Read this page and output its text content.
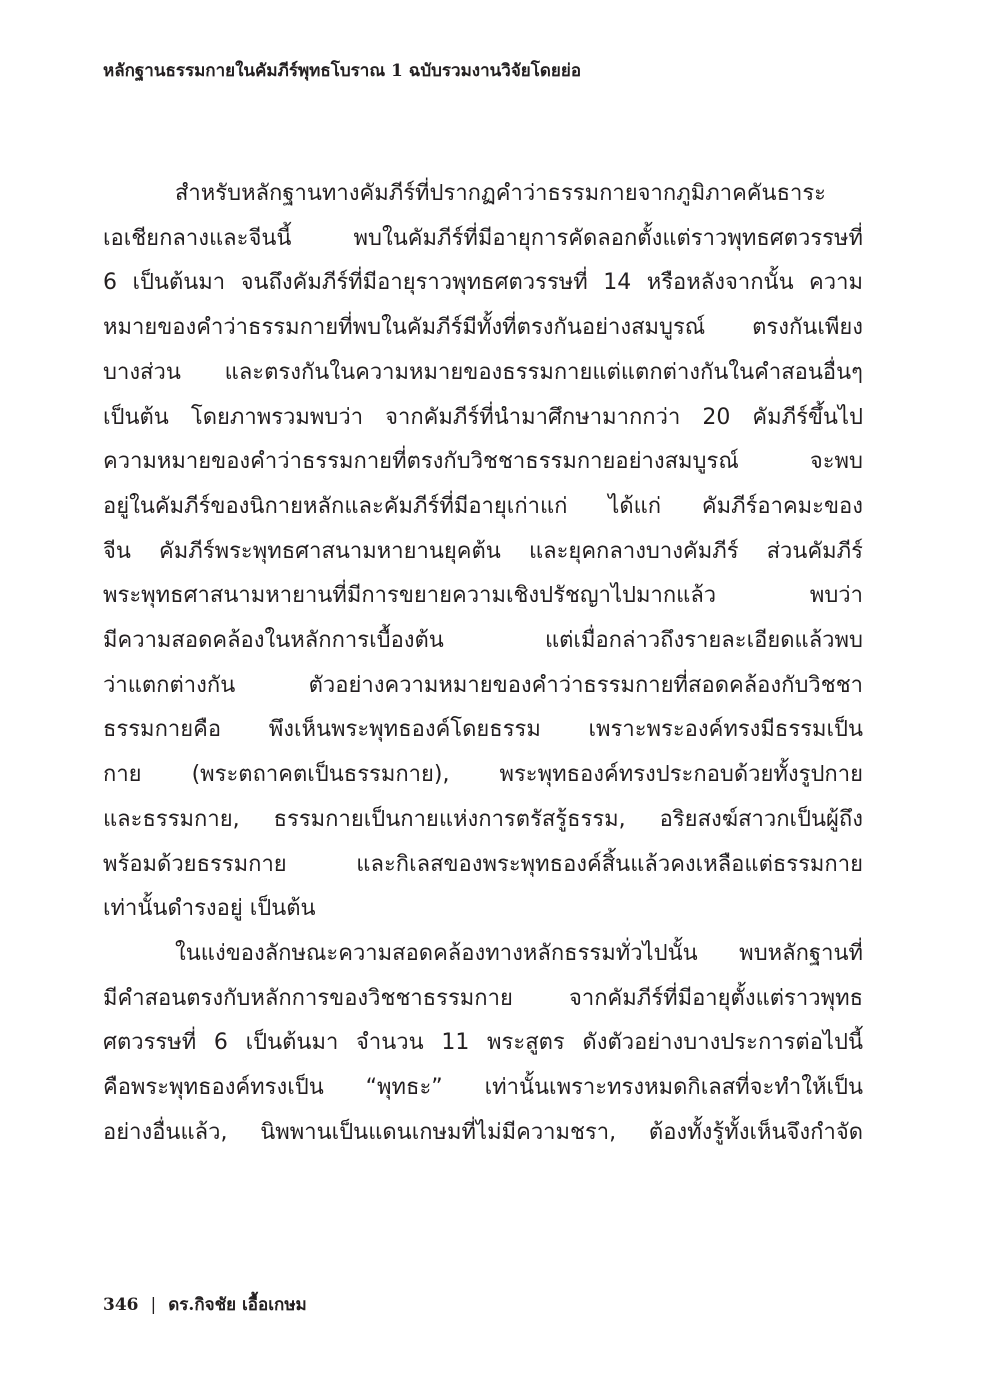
หลักฐานธรรมกายในคัมภีร์พุทธโบราณ 1 ฉบับรวมงานวิจัยโดยย่อ
สำหรับหลักฐานทางคัมภีร์ที่ปรากฏคำว่าธรรมกายจากภูมิภาคคันธาระ
เอเชียกลางและจีนนี้ พบในคัมภีร์ที่มีอายุการคัดลอกตั้งแต่ราวพุทธศตวรรษที่
6 เป็นต้นมา จนถึงคัมภีร์ที่มีอายุราวพุทธศตวรรษที่ 14 หรือหลังจากนั้น ความ
หมายของคำว่าธรรมกายที่พบในคัมภีร์มีทั้งที่ตรงกันอย่างสมบูรณ์ ตรงกันเพียง
บางส่วน และตรงกันในความหมายของธรรมกายแต่แตกต่างกันในคำสอนอื่นๆ
เป็นต้น โดยภาพรวมพบว่า จากคัมภีร์ที่นำมาศึกษามากกว่า 20 คัมภีร์ขึ้นไป
ความหมายของคำว่าธรรมกายที่ตรงกับวิชชาธรรมกายอย่างสมบูรณ์ จะพบ
อยู่ในคัมภีร์ของนิกายหลักและคัมภีร์ที่มีอายุเก่าแก่ ได้แก่ คัมภีร์อาคมะของ
จีน คัมภีร์พระพุทธศาสนามหายานยุคต้น และยุคกลางบางคัมภีร์ ส่วนคัมภีร์
พระพุทธศาสนามหายานที่มีการขยายความเชิงปรัชญาไปมากแล้ว พบว่า
มีความสอดคล้องในหลักการเบื้องต้น แต่เมื่อกล่าวถึงรายละเอียดแล้วพบ
ว่าแตกต่างกัน ตัวอย่างความหมายของคำว่าธรรมกายที่สอดคล้องกับวิชชา
ธรรมกายคือ พึงเห็นพระพุทธองค์โดยธรรม เพราะพระองค์ทรงมีธรรมเป็น
กาย (พระตถาคตเป็นธรรมกาย), พระพุทธองค์ทรงประกอบด้วยทั้งรูปกาย
และธรรมกาย, ธรรมกายเป็นกายแห่งการตรัสรู้ธรรม, อริยสงฆ์สาวกเป็นผู้ถึง
พร้อมด้วยธรรมกาย และกิเลสของพระพุทธองค์สิ้นแล้วคงเหลือแต่ธรรมกาย
เท่านั้นดำรงอยู่ เป็นต้น
ในแง่ของลักษณะความสอดคล้องทางหลักธรรมทั่วไปนั้น พบหลักฐานที่
มีคำสอนตรงกับหลักการของวิชชาธรรมกาย จากคัมภีร์ที่มีอายุตั้งแต่ราวพุทธ
ศตวรรษที่ 6 เป็นต้นมา จำนวน 11 พระสูตร ดังตัวอย่างบางประการต่อไปนี้
คือพระพุทธองค์ทรงเป็น “พุทธะ” เท่านั้นเพราะทรงหมดกิเลสที่จะทำให้เป็น
อย่างอื่นแล้ว, นิพพานเป็นแดนเกษมที่ไม่มีความชรา, ต้องทั้งรู้ทั้งเห็นจึงกำจัด
346 | ดร.กิจชัย เอื้อเกษม
